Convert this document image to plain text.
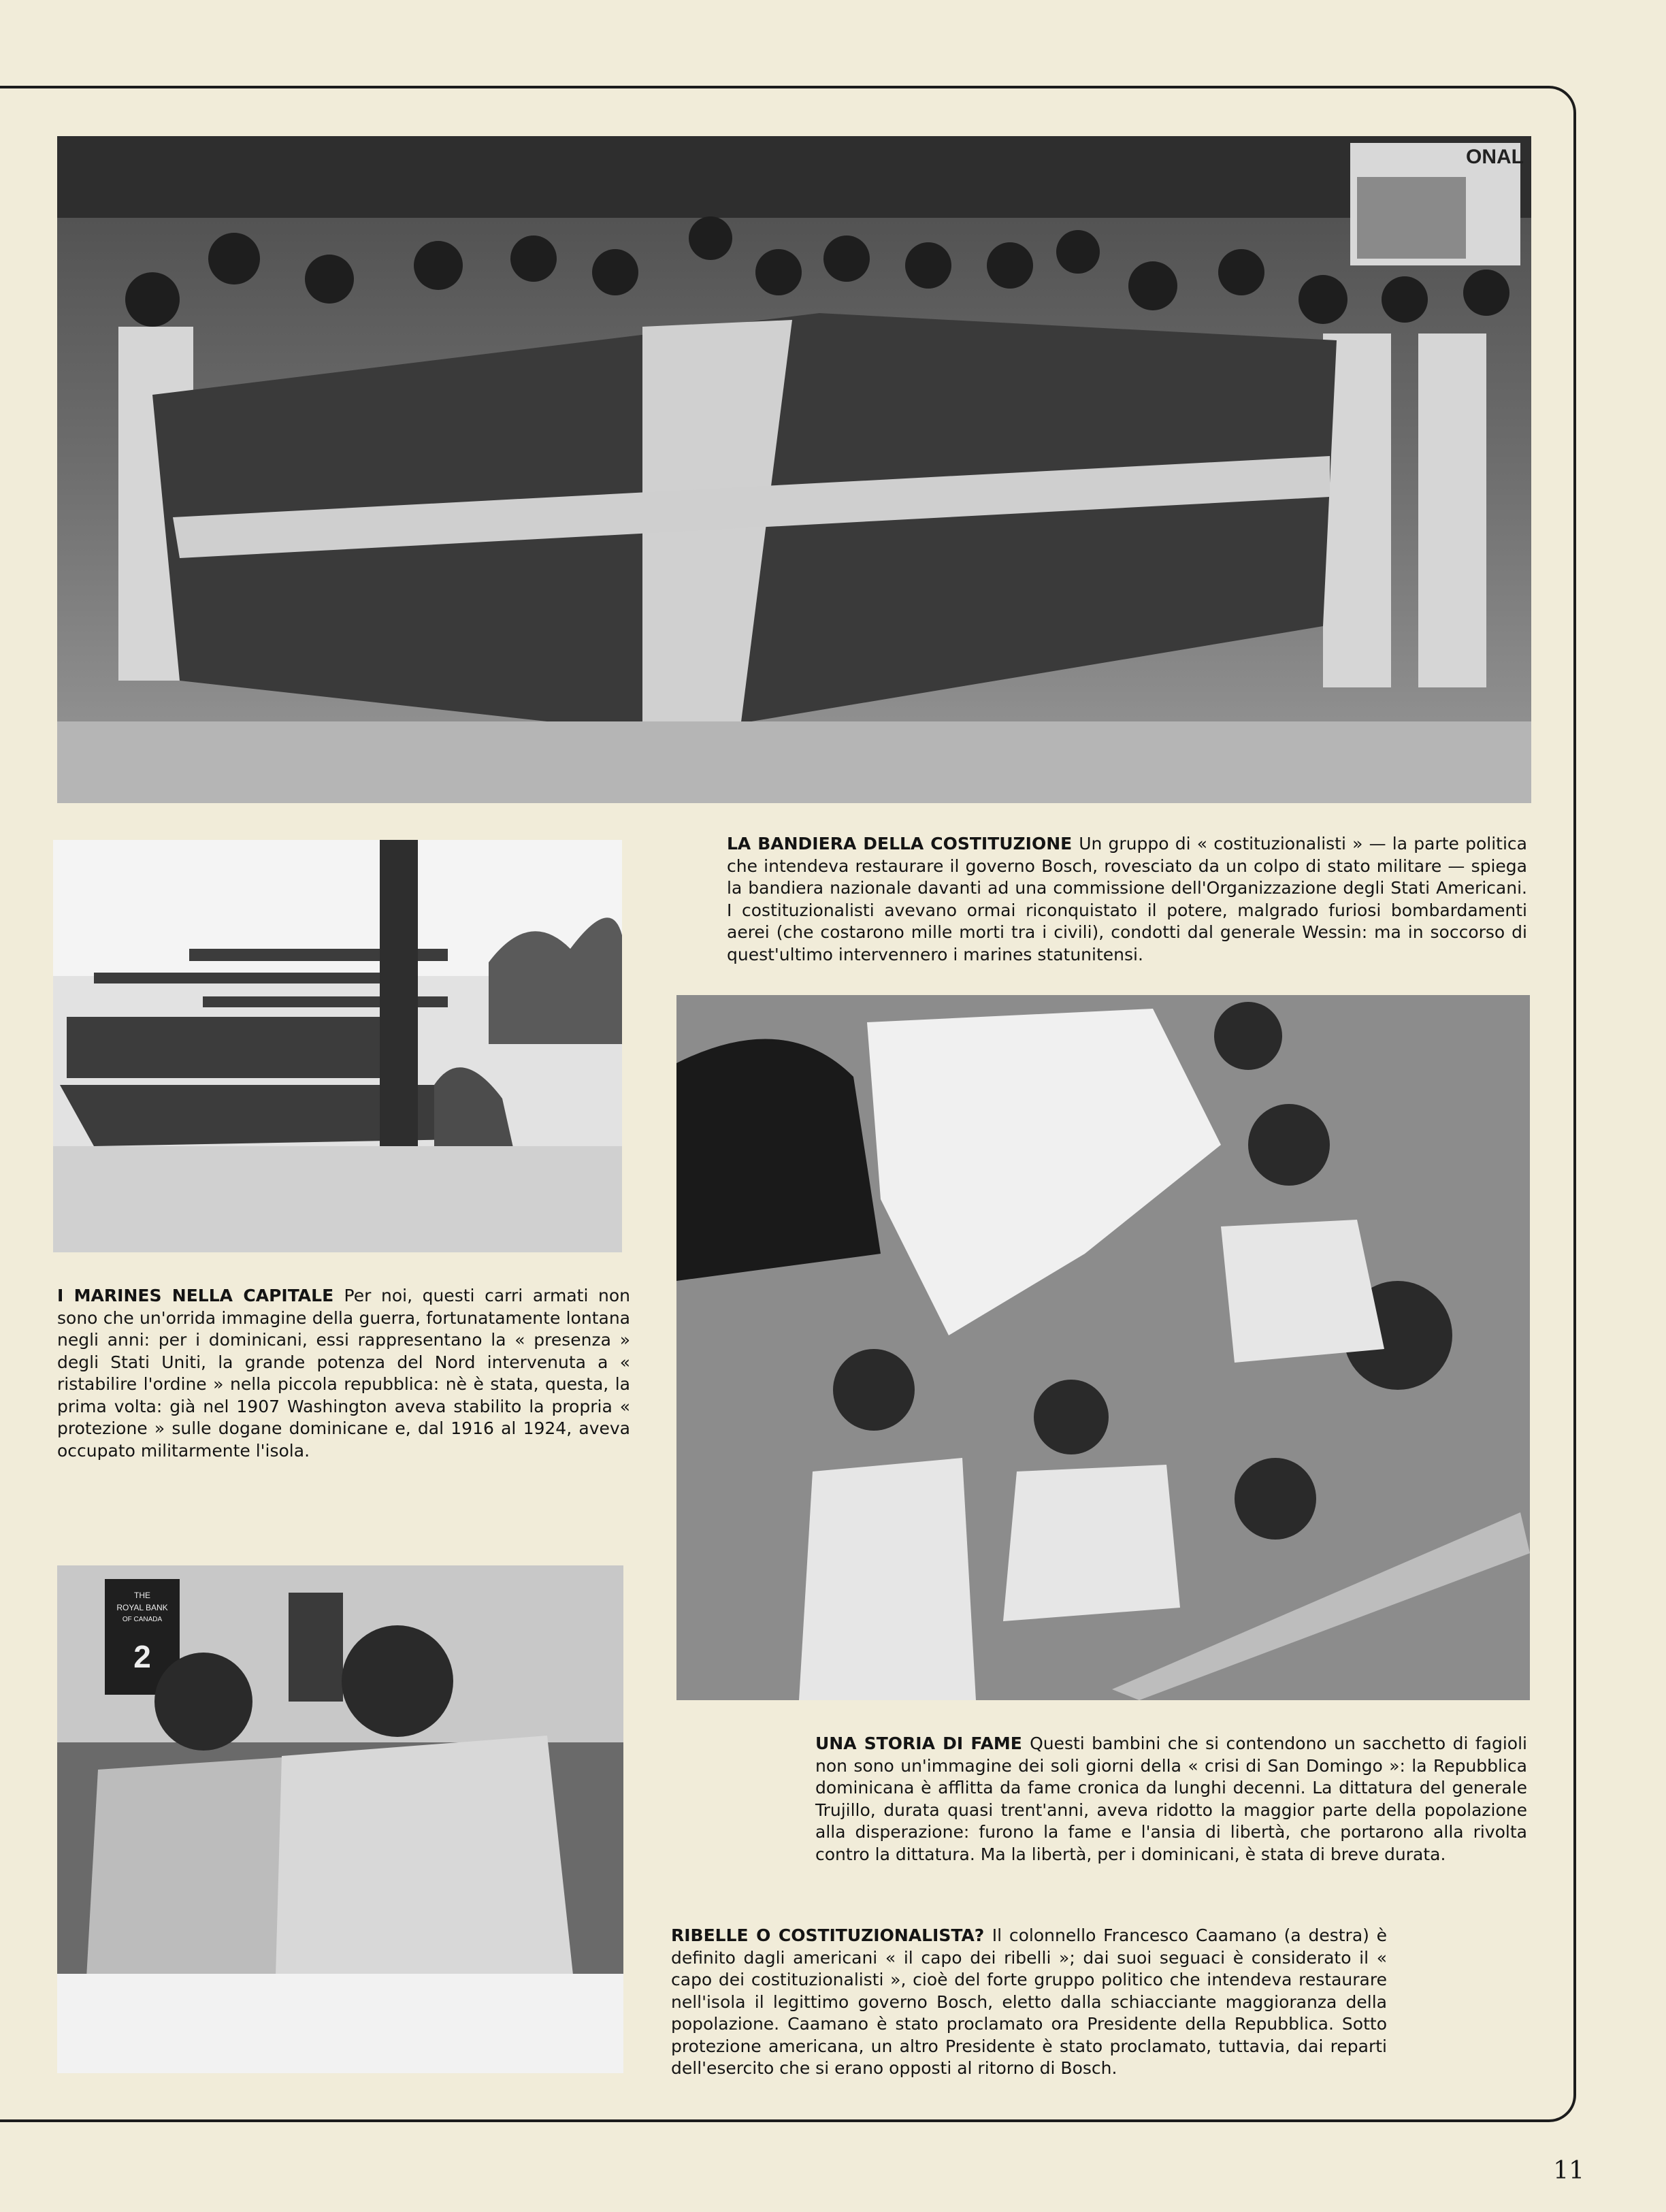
ONAL
THE
ROYAL BANK
OF CANADA
2

LA BANDIERA DELLA COSTITUZIONE Un gruppo di « costituzionalisti » — la parte politica che intendeva restaurare il governo Bosch, rovesciato da un colpo di stato militare — spiega la bandiera nazionale davanti ad una commissione dell'Organizzazione degli Stati Americani. I costituzionalisti avevano ormai riconquistato il potere, malgrado furiosi bombardamenti aerei (che costarono mille morti tra i civili), condotti dal generale Wessin: ma in soccorso di quest'ultimo intervennero i marines statunitensi.

I MARINES NELLA CAPITALE Per noi, questi carri armati non sono che un'orrida immagine della guerra, fortunatamente lontana negli anni: per i dominicani, essi rappresentano la « presenza » degli Stati Uniti, la grande potenza del Nord intervenuta a « ristabilire l'ordine » nella piccola repubblica: nè è stata, questa, la prima volta: già nel 1907 Washington aveva stabilito la propria « protezione » sulle dogane dominicane e, dal 1916 al 1924, aveva occupato militarmente l'isola.

UNA STORIA DI FAME Questi bambini che si contendono un sacchetto di fagioli non sono un'immagine dei soli giorni della « crisi di San Domingo »: la Repubblica dominicana è afflitta da fame cronica da lunghi decenni. La dittatura del generale Trujillo, durata quasi trent'anni, aveva ridotto la maggior parte della popolazione alla disperazione: furono la fame e l'ansia di libertà, che portarono alla rivolta contro la dittatura. Ma la libertà, per i dominicani, è stata di breve durata.

RIBELLE O COSTITUZIONALISTA? Il colonnello Francesco Caamano (a destra) è definito dagli americani « il capo dei ribelli »; dai suoi seguaci è considerato il « capo dei costituzionalisti », cioè del forte gruppo politico che intendeva restaurare nell'isola il legittimo governo Bosch, eletto dalla schiacciante maggioranza della popolazione. Caamano è stato proclamato ora Presidente della Repubblica. Sotto protezione americana, un altro Presidente è stato proclamato, tuttavia, dai reparti dell'esercito che si erano opposti al ritorno di Bosch.

11
